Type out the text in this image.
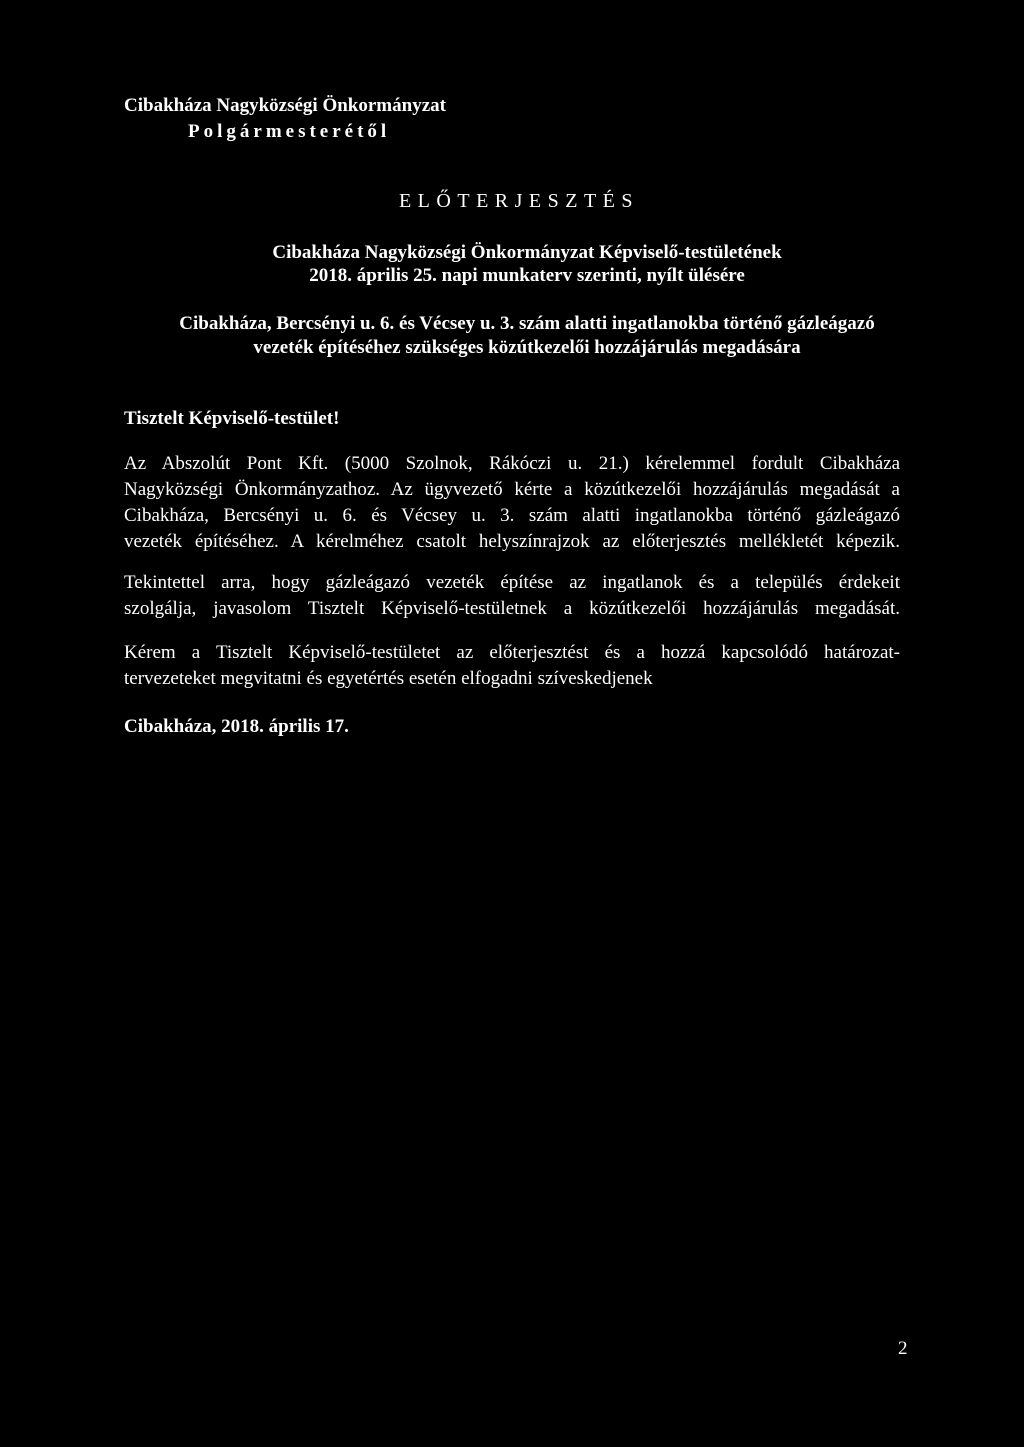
Cibakháza Nagyközségi Önkormányzat
Polgármesterétől
ELŐTERJESZTÉS
Cibakháza Nagyközségi Önkormányzat Képviselő-testületének
2018. április 25. napi munkaterv szerinti, nyílt ülésére
Cibakháza, Bercsényi u. 6. és Vécsey u. 3. szám alatti ingatlanokba történő gázleágazó
vezeték építéséhez szükséges közútkezelői hozzájárulás megadására
Tisztelt Képviselő-testület!
Az Abszolút Pont Kft. (5000 Szolnok, Rákóczi u. 21.) kérelemmel fordult Cibakháza
Nagyközségi Önkormányzathoz. Az ügyvezető kérte a közútkezelői hozzájárulás megadását a
Cibakháza, Bercsényi u. 6. és Vécsey u. 3. szám alatti ingatlanokba történő gázleágazó
vezeték építéséhez. A kérelméhez csatolt helyszínrajzok az előterjesztés mellékletét képezik.
Tekintettel arra, hogy gázleágazó vezeték építése az ingatlanok és a település érdekeit
szolgálja, javasolom Tisztelt Képviselő-testületnek a közútkezelői hozzájárulás megadását.
Kérem a Tisztelt Képviselő-testületet az előterjesztést és a hozzá kapcsolódó határozat-
tervezeteket megvitatni és egyetértés esetén elfogadni szíveskedjenek
Cibakháza, 2018. április 17.
2
